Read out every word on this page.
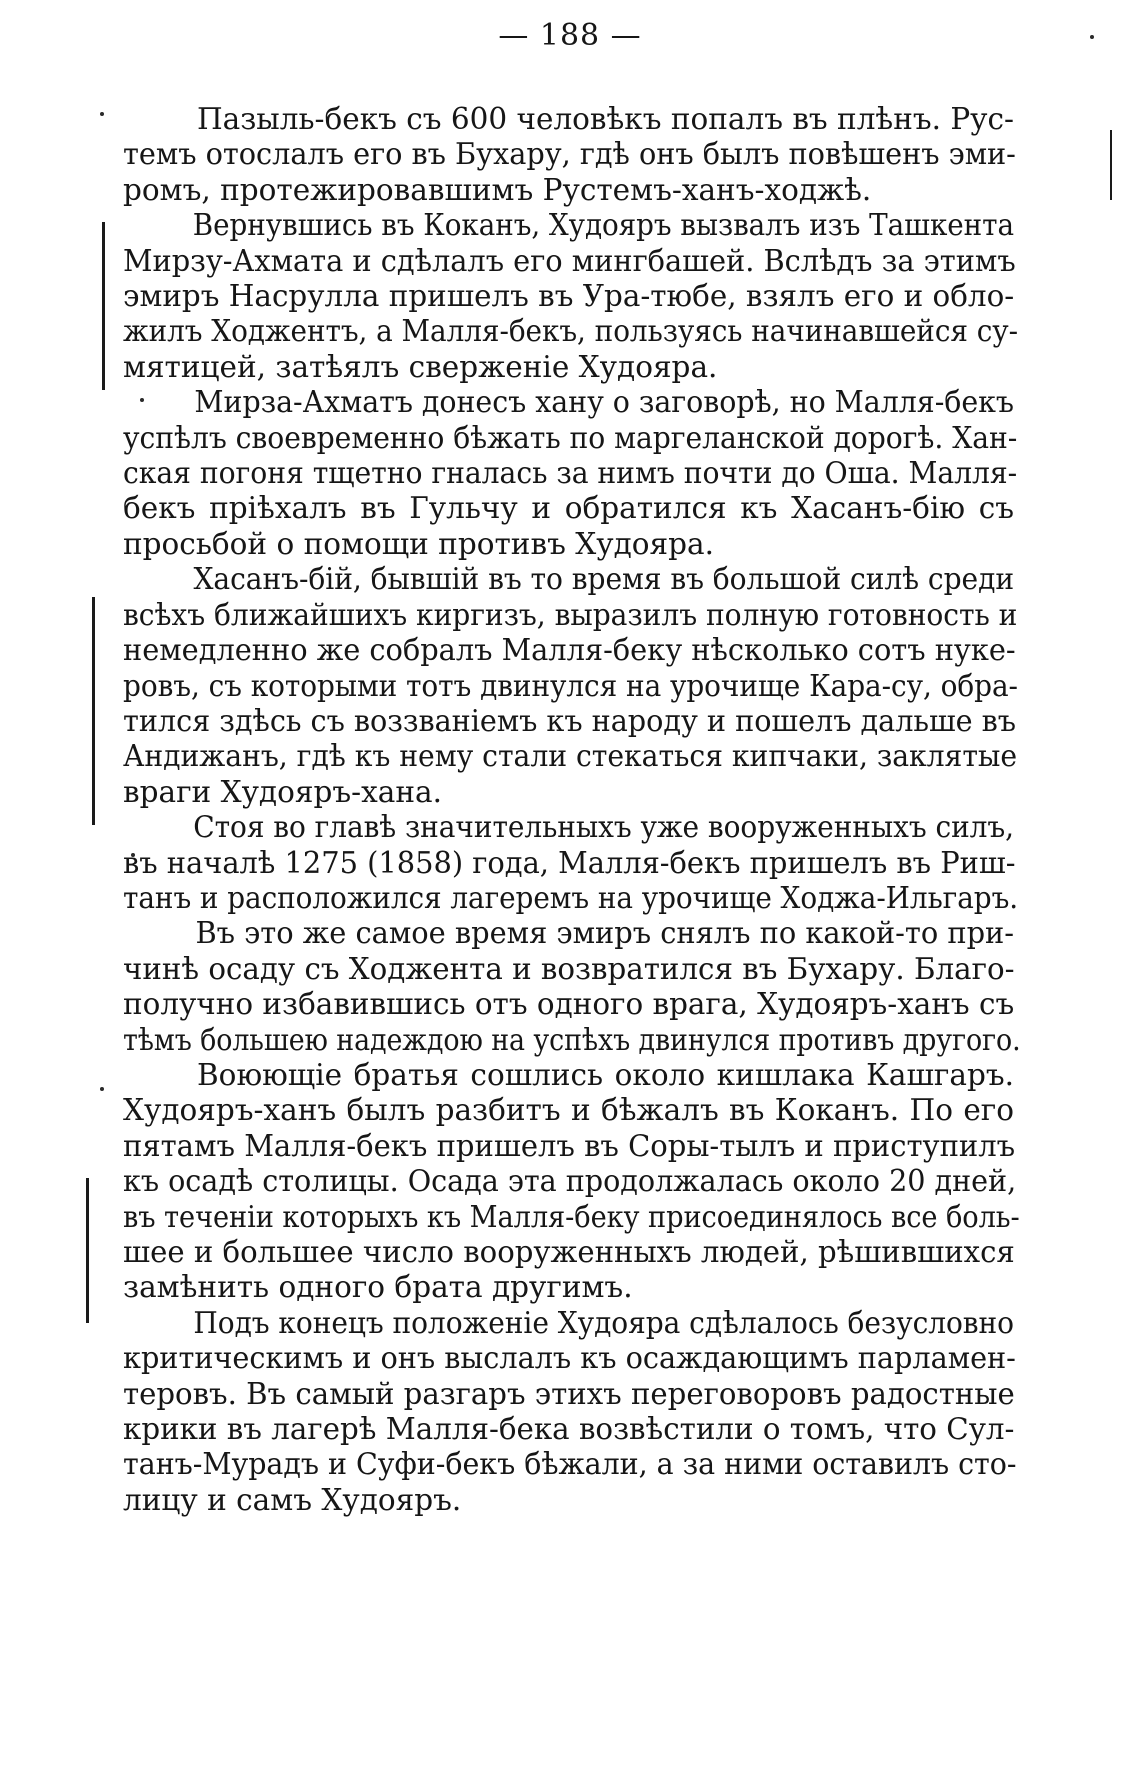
— 188 —

Пазыль-бекъ съ 600 человѣкъ попалъ въ плѣнъ. Рус-
темъ отослалъ его въ Бухару, гдѣ онъ былъ повѣшенъ эми-
ромъ, протежировавшимъ Рустемъ-ханъ-ходжѣ.

Вернувшись въ Коканъ, Худояръ вызвалъ изъ Ташкента
Мирзу-Ахмата и сдѣлалъ его мингбашей. Вслѣдъ за этимъ
эмиръ Насрулла пришелъ въ Ура-тюбе, взялъ его и обло-
жилъ Ходжентъ, а Малля-бекъ, пользуясь начинавшейся су-
мятицей, затѣялъ сверженіе Худояра.

Мирза-Ахматъ донесъ хану о заговорѣ, но Малля-бекъ
успѣлъ своевременно бѣжать по маргеланской дорогѣ. Хан-
ская погоня тщетно гналась за нимъ почти до Оша. Малля-
бекъ пріѣхалъ въ Гульчу и обратился къ Хасанъ-бію съ
просьбой о помощи противъ Худояра.

Хасанъ-бій, бывшій въ то время въ большой силѣ среди
всѣхъ ближайшихъ киргизъ, выразилъ полную готовность и
немедленно же собралъ Малля-беку нѣсколько сотъ нуке-
ровъ, съ которыми тотъ двинулся на урочище Кара-су, обра-
тился здѣсь съ воззваніемъ къ народу и пошелъ дальше въ
Андижанъ, гдѣ къ нему стали стекаться кипчаки, заклятые
враги Худояръ-хана.

Стоя во главѣ значительныхъ уже вооруженныхъ силъ,
въ началѣ 1275 (1858) года, Малля-бекъ пришелъ въ Риш-
танъ и расположился лагеремъ на урочище Ходжа-Ильгаръ.

Въ это же самое время эмиръ снялъ по какой-то при-
чинѣ осаду съ Ходжента и возвратился въ Бухару. Благо-
получно избавившись отъ одного врага, Худояръ-ханъ съ
тѣмъ большею надеждою на успѣхъ двинулся противъ другого.

Воюющіе братья сошлись около кишлака Кашгаръ.
Худояръ-ханъ былъ разбитъ и бѣжалъ въ Коканъ. По его
пятамъ Малля-бекъ пришелъ въ Соры-тылъ и приступилъ
къ осадѣ столицы. Осада эта продолжалась около 20 дней,
въ теченіи которыхъ къ Малля-беку присоединялось все боль-
шее и большее число вооруженныхъ людей, рѣшившихся
замѣнить одного брата другимъ.

Подъ конецъ положеніе Худояра сдѣлалось безусловно
критическимъ и онъ выслалъ къ осаждающимъ парламен-
теровъ. Въ самый разгаръ этихъ переговоровъ радостные
крики въ лагерѣ Малля-бека возвѣстили о томъ, что Сул-
танъ-Мурадъ и Суфи-бекъ бѣжали, а за ними оставилъ сто-
лицу и самъ Худояръ.
